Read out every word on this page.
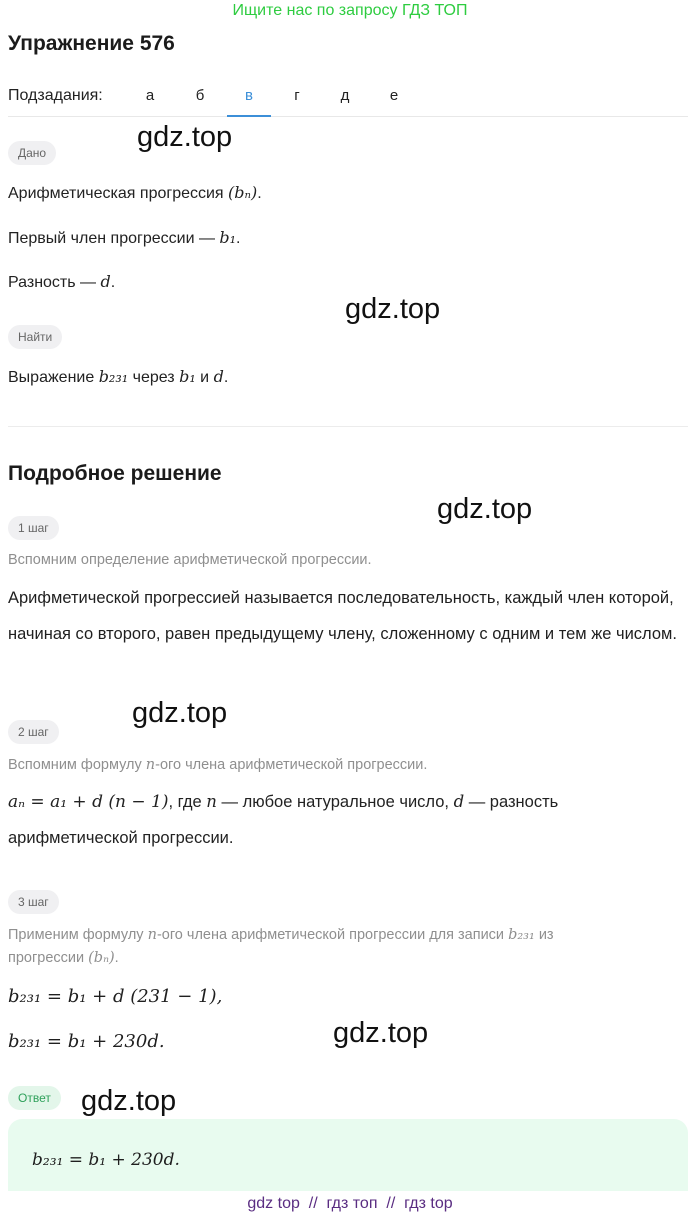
Ищите нас по запросу ГДЗ ТОП
Упражнение 576
Подзадания:	а	б	в	г	д	е
Дано
Арифметическая прогрессия (bₙ).
Первый член прогрессии — b₁.
Разность — d.
Найти
Выражение b₂₃₁ через b₁ и d.
Подробное решение
1 шаг
Вспомним определение арифметической прогрессии.
Арифметической прогрессией называется последовательность, каждый член которой, начиная со второго, равен предыдущему члену, сложенному с одним и тем же числом.
2 шаг
Вспомним формулу n-ого члена арифметической прогрессии.
aₙ = a₁ + d (n − 1), где n — любое натуральное число, d — разность
арифметической прогрессии.
3 шаг
Применим формулу n-ого члена арифметической прогрессии для записи b₂₃₁ из
прогрессии (bₙ).
b₂₃₁ = b₁ + d (231 − 1),
b₂₃₁ = b₁ + 230d.
Ответ
b₂₃₁ = b₁ + 230d.
gdz.top
gdz.top
gdz.top
gdz.top
gdz.top
gdz.top
gdz top  //  гдз топ  //  гдз top
